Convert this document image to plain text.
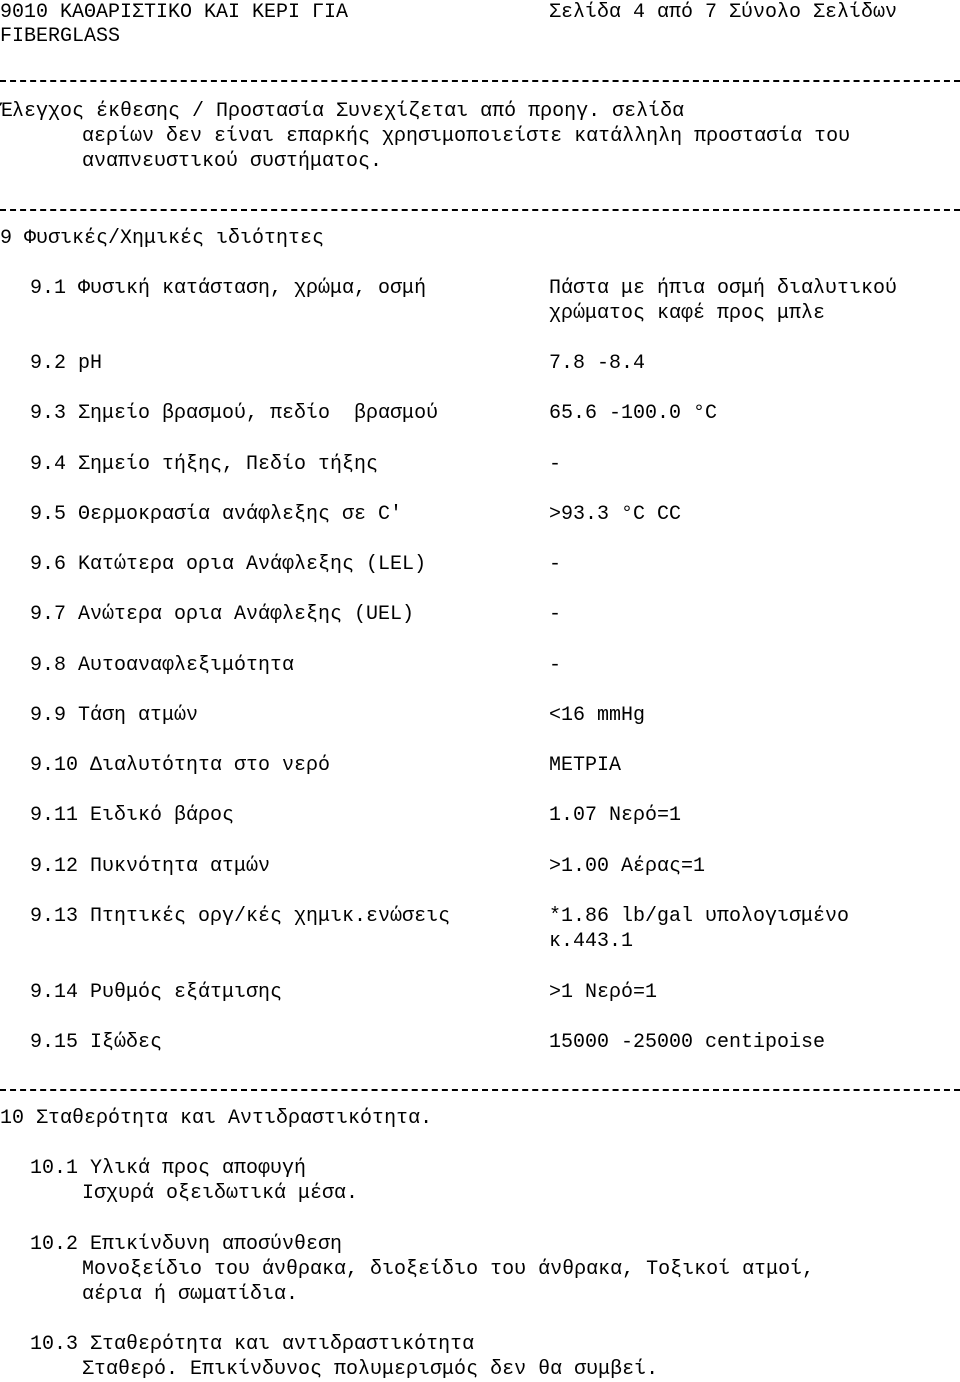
9010 ΚΑΘΑΡΙΣΤΙΚΟ ΚΑΙ ΚΕΡΙ ΓΙΑ	Σελίδα 4 από 7 Σύνολο Σελίδων
FIBERGLASS
Έλεγχος έκθεσης / Προστασία Συνεχίζεται από προηγ. σελίδα
αερίων δεν είναι επαρκής χρησιμοποιείστε κατάλληλη προστασία του
αναπνευστικού συστήματος.
9 Φυσικές/Χημικές ιδιότητες
9.1 Φυσική κατάσταση, χρώμα, οσμή	Πάστα με ήπια οσμή διαλυτικού
χρώματος καφέ προς μπλε
9.2 pH	7.8 -8.4
9.3 Σημείο βρασμού, πεδίο  βρασμού	65.6 -100.0 °C
9.4 Σημείο τήξης, Πεδίο τήξης	-
9.5 Θερμοκρασία ανάφλεξης σε C'	>93.3 °C CC
9.6 Κατώτερα ορια Ανάφλεξης (LEL)	-
9.7 Ανώτερα ορια Ανάφλεξης (UEL)	-
9.8 Αυτοαναφλεξιμότητα	-
9.9 Τάση ατμών	<16 mmHg
9.10 Διαλυτότητα στο νερό	ΜΕΤΡΙΑ
9.11 Ειδικό βάρος	1.07 Νερό=1
9.12 Πυκνότητα ατμών	>1.00 Αέρας=1
9.13 Πτητικές οργ/κές χημικ.ενώσεις	*1.86 lb/gal υπολογισμένο
κ.443.1
9.14 Ρυθμός εξάτμισης	>1 Νερό=1
9.15 Ιξώδες	15000 -25000 centipoise
10 Σταθερότητα και Αντιδραστικότητα.
10.1 Υλικά προς αποφυγή
Ισχυρά οξειδωτικά μέσα.
10.2 Επικίνδυνη αποσύνθεση
Μονοξείδιο του άνθρακα, διοξείδιο του άνθρακα, Τοξικοί ατμοί,
αέρια ή σωματίδια.
10.3 Σταθερότητα και αντιδραστικότητα
Σταθερό. Επικίνδυνος πολυμερισμός δεν θα συμβεί.
